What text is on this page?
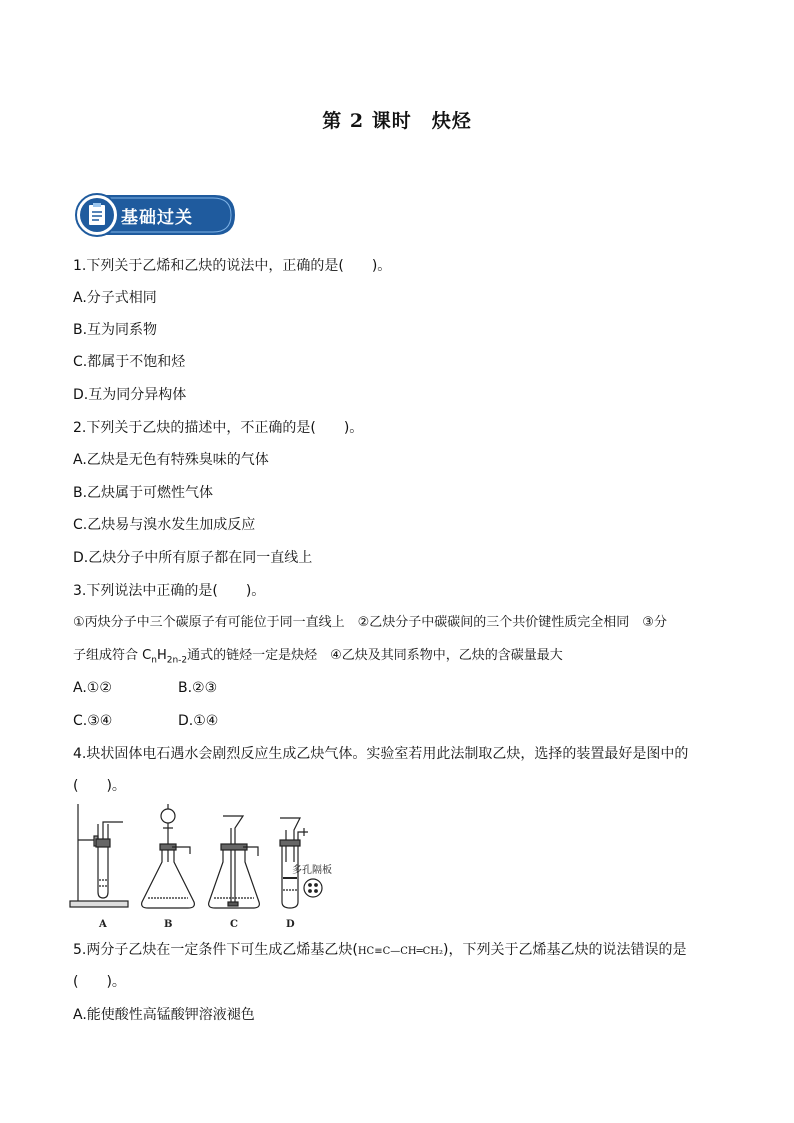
第 2 课时　炔烃
基础过关
1.下列关于乙烯和乙炔的说法中，正确的是(　　)。
A.分子式相同
B.互为同系物
C.都属于不饱和烃
D.互为同分异构体
2.下列关于乙炔的描述中，不正确的是(　　)。
A.乙炔是无色有特殊臭味的气体
B.乙炔属于可燃性气体
C.乙炔易与溴水发生加成反应
D.乙炔分子中所有原子都在同一直线上
3.下列说法中正确的是(　　)。
①丙炔分子中三个碳原子有可能位于同一直线上　②乙炔分子中碳碳间的三个共价键性质完全相同　③分
子组成符合 $C_nH_{2n-2}$通式的链烃一定是炔烃　④乙炔及其同系物中，乙炔的含碳量最大
A.①②	B.②③
C.③④	D.①④
4.块状固体电石遇水会剧烈反应生成乙炔气体。实验室若用此法制取乙炔，选择的装置最好是图中的
(　　)。
多孔隔板
A	B	C	D
5.两分子乙炔在一定条件下可生成乙烯基乙炔(HC≡C—CH═CH₂)，下列关于乙烯基乙炔的说法错误的是
(　　)。
A.能使酸性高锰酸钾溶液褪色
